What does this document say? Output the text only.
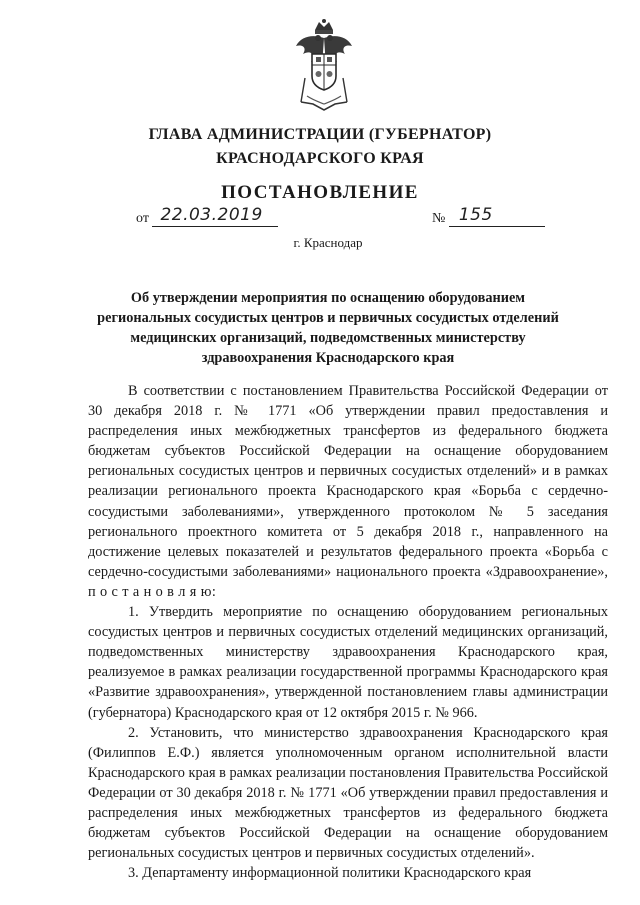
ГЛАВА АДМИНИСТРАЦИИ (ГУБЕРНАТОР)
КРАСНОДАРСКОГО КРАЯ
ПОСТАНОВЛЕНИЕ
от 22.03.2019	№ 155
г. Краснодар
Об утверждении мероприятия по оснащению оборудованием региональных сосудистых центров и первичных сосудистых отделений медицинских организаций, подведомственных министерству здравоохранения Краснодарского края

В соответствии с постановлением Правительства Российской Федерации от 30 декабря 2018 г. № 1771 «Об утверждении правил предоставления и распределения иных межбюджетных трансфертов из федерального бюджета бюджетам субъектов Российской Федерации на оснащение оборудованием региональных сосудистых центров и первичных сосудистых отделений» и в рамках реализации регионального проекта Краснодарского края «Борьба с сердечно-сосудистыми заболеваниями», утвержденного протоколом № 5 заседания регионального проектного комитета от 5 декабря 2018 г., направленного на достижение целевых показателей и результатов федерального проекта «Борьба с сердечно-сосудистыми заболеваниями» национального проекта «Здравоохранение», п о с т а н о в л я ю:

1. Утвердить мероприятие по оснащению оборудованием региональных сосудистых центров и первичных сосудистых отделений медицинских организаций, подведомственных министерству здравоохранения Краснодарского края, реализуемое в рамках реализации государственной программы Краснодарского края «Развитие здравоохранения», утвержденной постановлением главы администрации (губернатора) Краснодарского края от 12 октября 2015 г. № 966.

2. Установить, что министерство здравоохранения Краснодарского края (Филиппов Е.Ф.) является уполномоченным органом исполнительной власти Краснодарского края в рамках реализации постановления Правительства Российской Федерации от 30 декабря 2018 г. № 1771 «Об утверждении правил предоставления и распределения иных межбюджетных трансфертов из федерального бюджета бюджетам субъектов Российской Федерации на оснащение оборудованием региональных сосудистых центров и первичных сосудистых отделений».

3. Департаменту информационной политики Краснодарского края
